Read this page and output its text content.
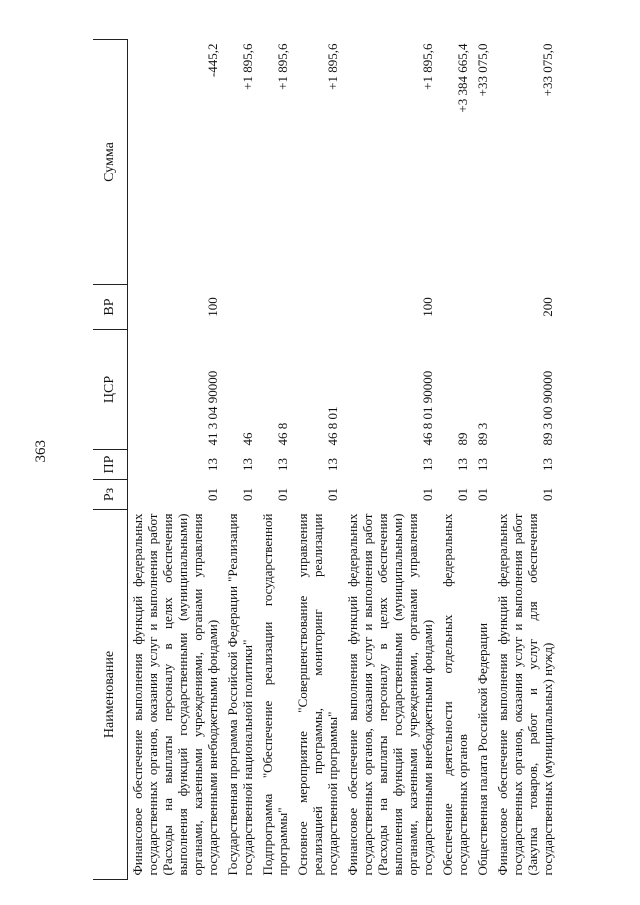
363
Наименование	Рз	ПР	ЦСР	ВР	Сумма
Финансовое обеспечение выполнения функций федеральных государственных органов, оказания услуг и выполнения работ (Расходы на выплаты персоналу в целях обеспечения выполнения функций государственными (муниципальными) органами, казенными учреждениями, органами управления государственными внебюджетными фондами)	01	13	41 3 04 90000	100	-445,2
Государственная программа Российской Федерации "Реализация государственной национальной политики"	01	13	46		+1 895,6
Подпрограмма "Обеспечение реализации государственной программы"	01	13	46 8		+1 895,6
Основное мероприятие "Совершенствование управления реализацией программы, мониторинг реализации государственной программы"	01	13	46 8 01		+1 895,6
Финансовое обеспечение выполнения функций федеральных государственных органов, оказания услуг и выполнения работ (Расходы на выплаты персоналу в целях обеспечения выполнения функций государственными (муниципальными) органами, казенными учреждениями, органами управления государственными внебюджетными фондами)	01	13	46 8 01 90000	100	+1 895,6
Обеспечение деятельности отдельных федеральных государственных органов	01	13	89		+3 384 665,4
Общественная палата Российской Федерации	01	13	89 3		+33 075,0
Финансовое обеспечение выполнения функций федеральных государственных органов, оказания услуг и выполнения работ (Закупка товаров, работ и услуг для обеспечения государственных (муниципальных) нужд)	01	13	89 3 00 90000	200	+33 075,0
